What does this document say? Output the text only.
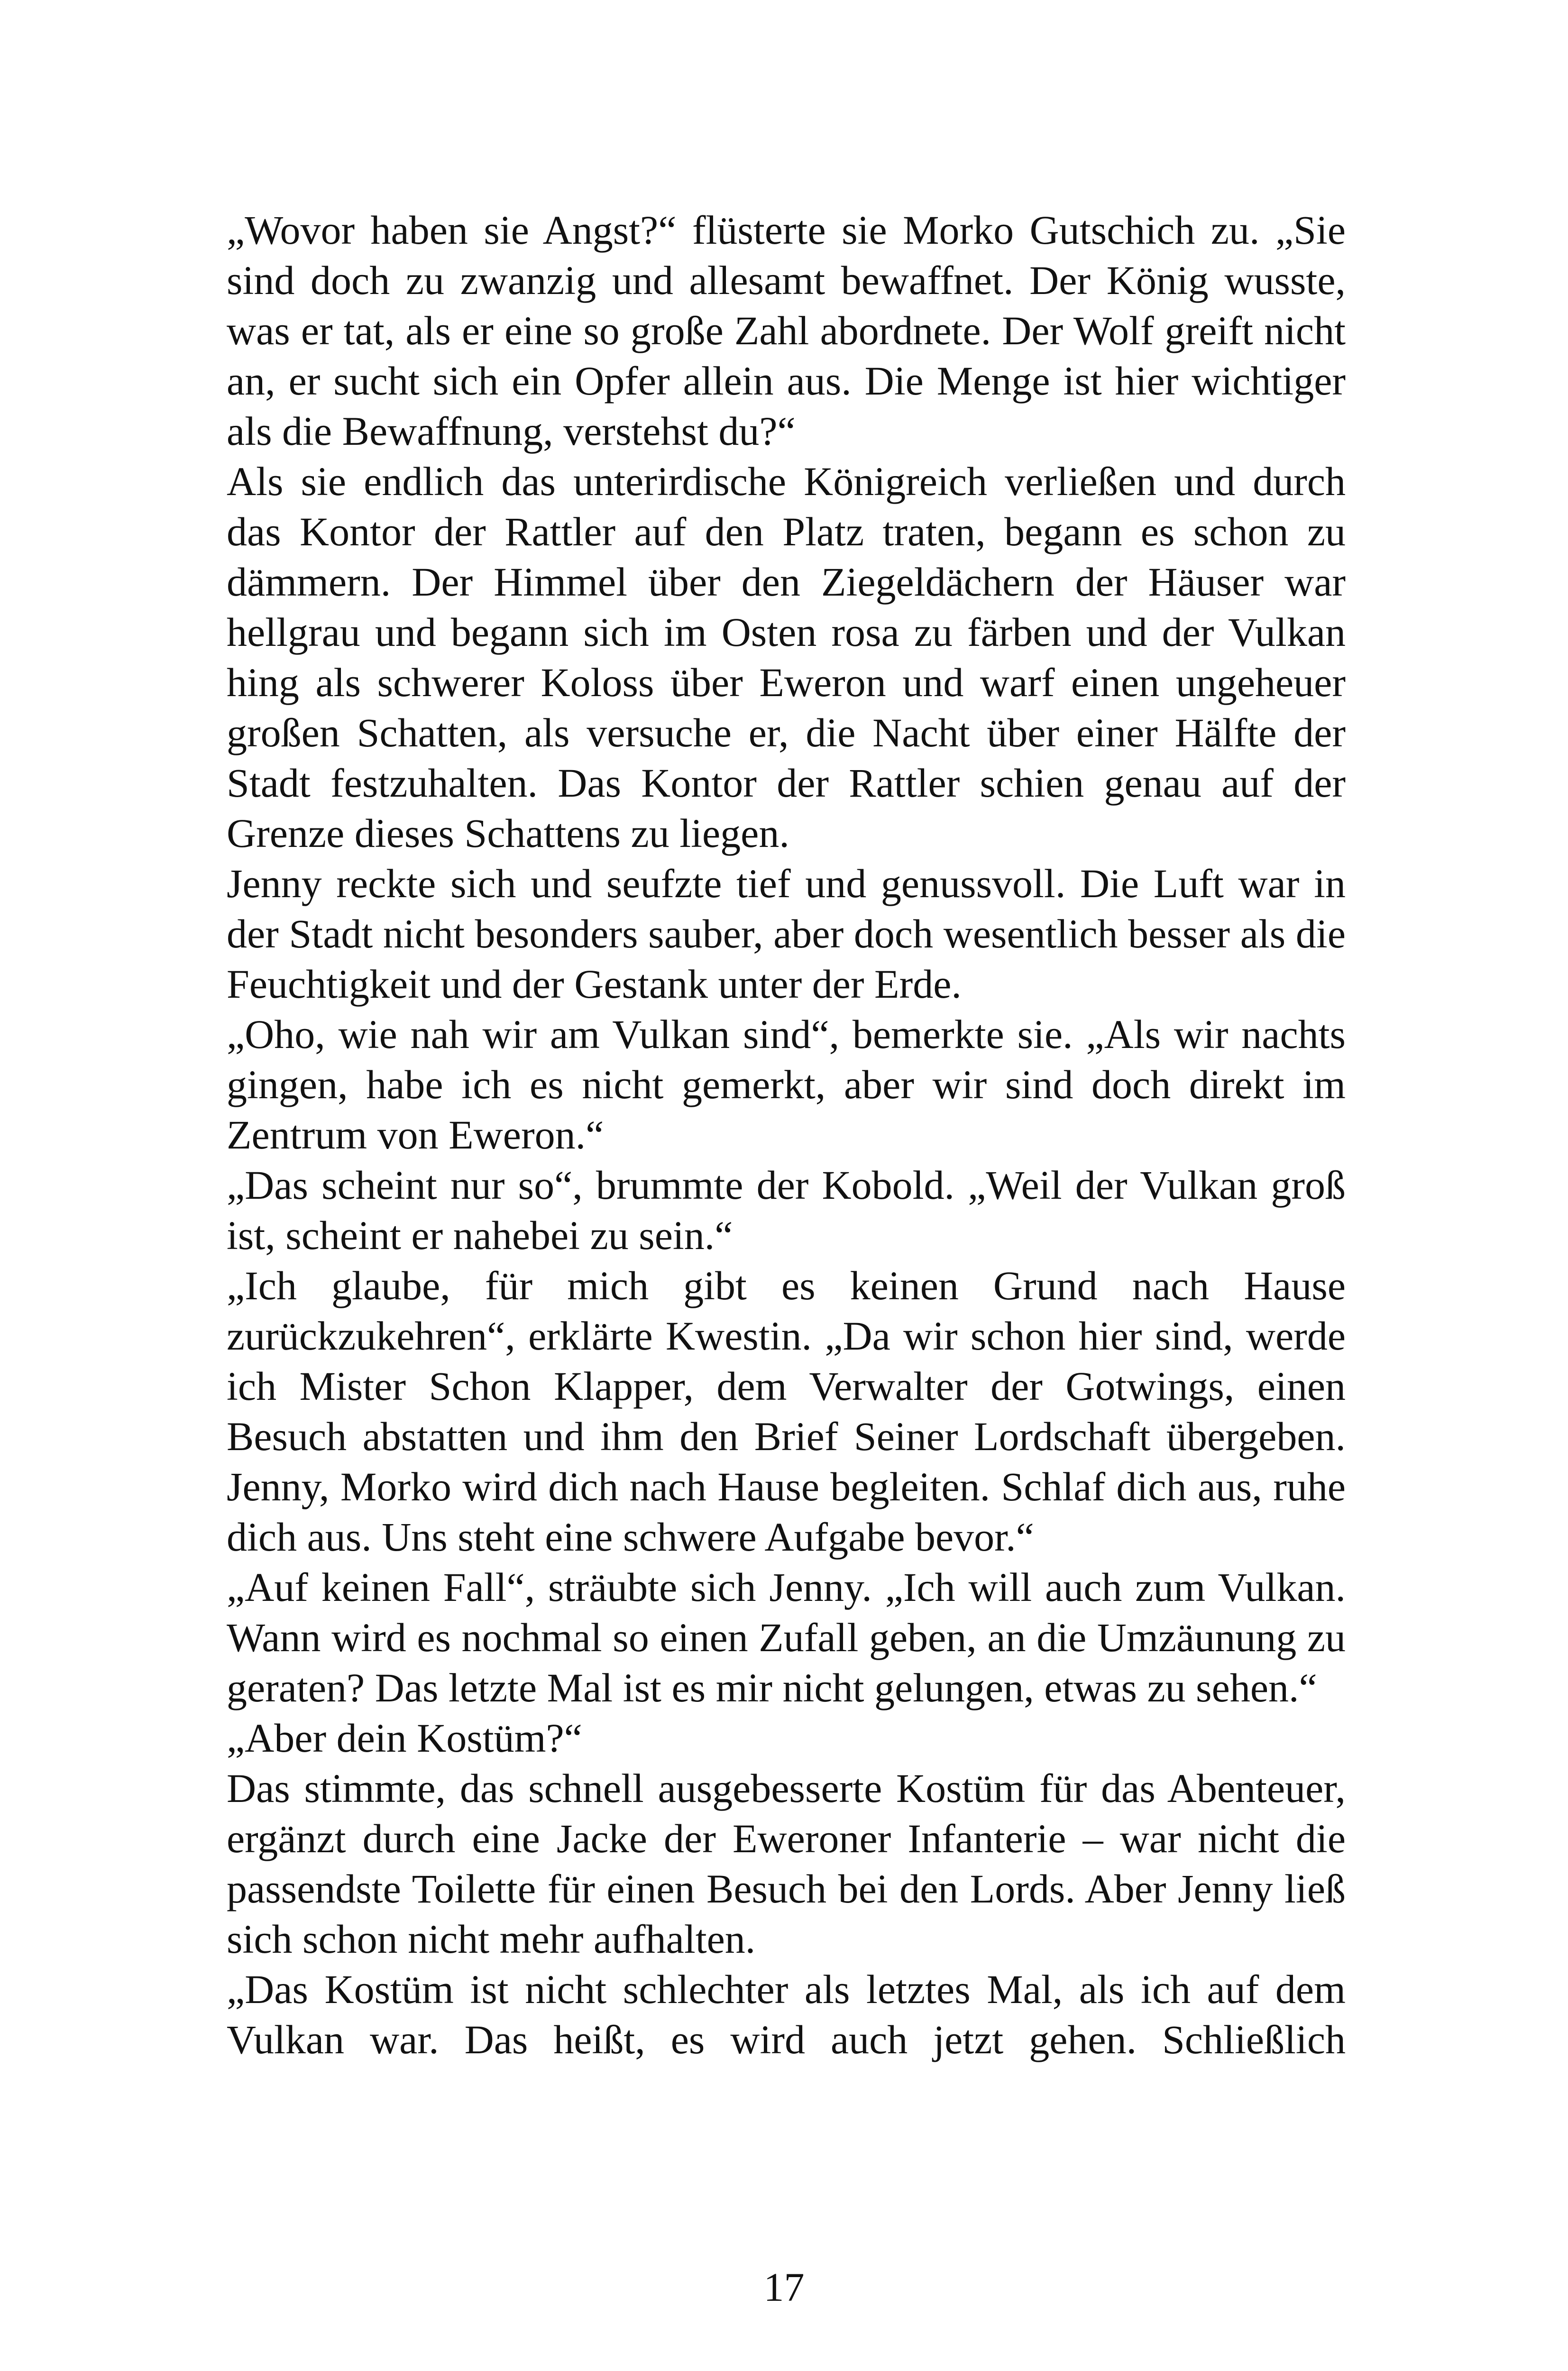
„Wovor haben sie Angst?“ flüsterte sie Morko Gutschich zu. „Sie sind doch zu zwanzig und allesamt bewaffnet. Der König wusste, was er tat, als er eine so große Zahl abordnete. Der Wolf greift nicht an, er sucht sich ein Opfer allein aus. Die Menge ist hier wichtiger als die Bewaffnung, verstehst du?“

Als sie endlich das unterirdische Königreich verließen und durch das Kontor der Rattler auf den Platz traten, begann es schon zu dämmern. Der Himmel über den Ziegeldächern der Häuser war hellgrau und begann sich im Osten rosa zu färben und der Vulkan hing als schwerer Koloss über Eweron und warf einen ungeheuer großen Schatten, als versuche er, die Nacht über einer Hälfte der Stadt festzuhalten. Das Kontor der Rattler schien genau auf der Grenze dieses Schattens zu liegen.

Jenny reckte sich und seufzte tief und genussvoll. Die Luft war in der Stadt nicht besonders sauber, aber doch wesentlich besser als die Feuchtigkeit und der Gestank unter der Erde.

„Oho, wie nah wir am Vulkan sind“, bemerkte sie. „Als wir nachts gingen, habe ich es nicht gemerkt, aber wir sind doch direkt im Zentrum von Eweron.“

„Das scheint nur so“, brummte der Kobold. „Weil der Vulkan groß ist, scheint er nahebei zu sein.“

„Ich glaube, für mich gibt es keinen Grund nach Hause zurückzukehren“, erklärte Kwestin. „Da wir schon hier sind, werde ich Mister Schon Klapper, dem Verwalter der Gotwings, einen Besuch abstatten und ihm den Brief Seiner Lordschaft übergeben. Jenny, Morko wird dich nach Hause begleiten. Schlaf dich aus, ruhe dich aus. Uns steht eine schwere Aufgabe bevor.“

„Auf keinen Fall“, sträubte sich Jenny. „Ich will auch zum Vulkan. Wann wird es nochmal so einen Zufall geben, an die Umzäunung zu geraten? Das letzte Mal ist es mir nicht gelungen, etwas zu sehen.“

„Aber dein Kostüm?“

Das stimmte, das schnell ausgebesserte Kostüm für das Abenteuer, ergänzt durch eine Jacke der Eweroner Infanterie – war nicht die passendste Toilette für einen Besuch bei den Lords. Aber Jenny ließ sich schon nicht mehr aufhalten.

„Das Kostüm ist nicht schlechter als letztes Mal, als ich auf dem Vulkan war. Das heißt, es wird auch jetzt gehen. Schließlich

17
